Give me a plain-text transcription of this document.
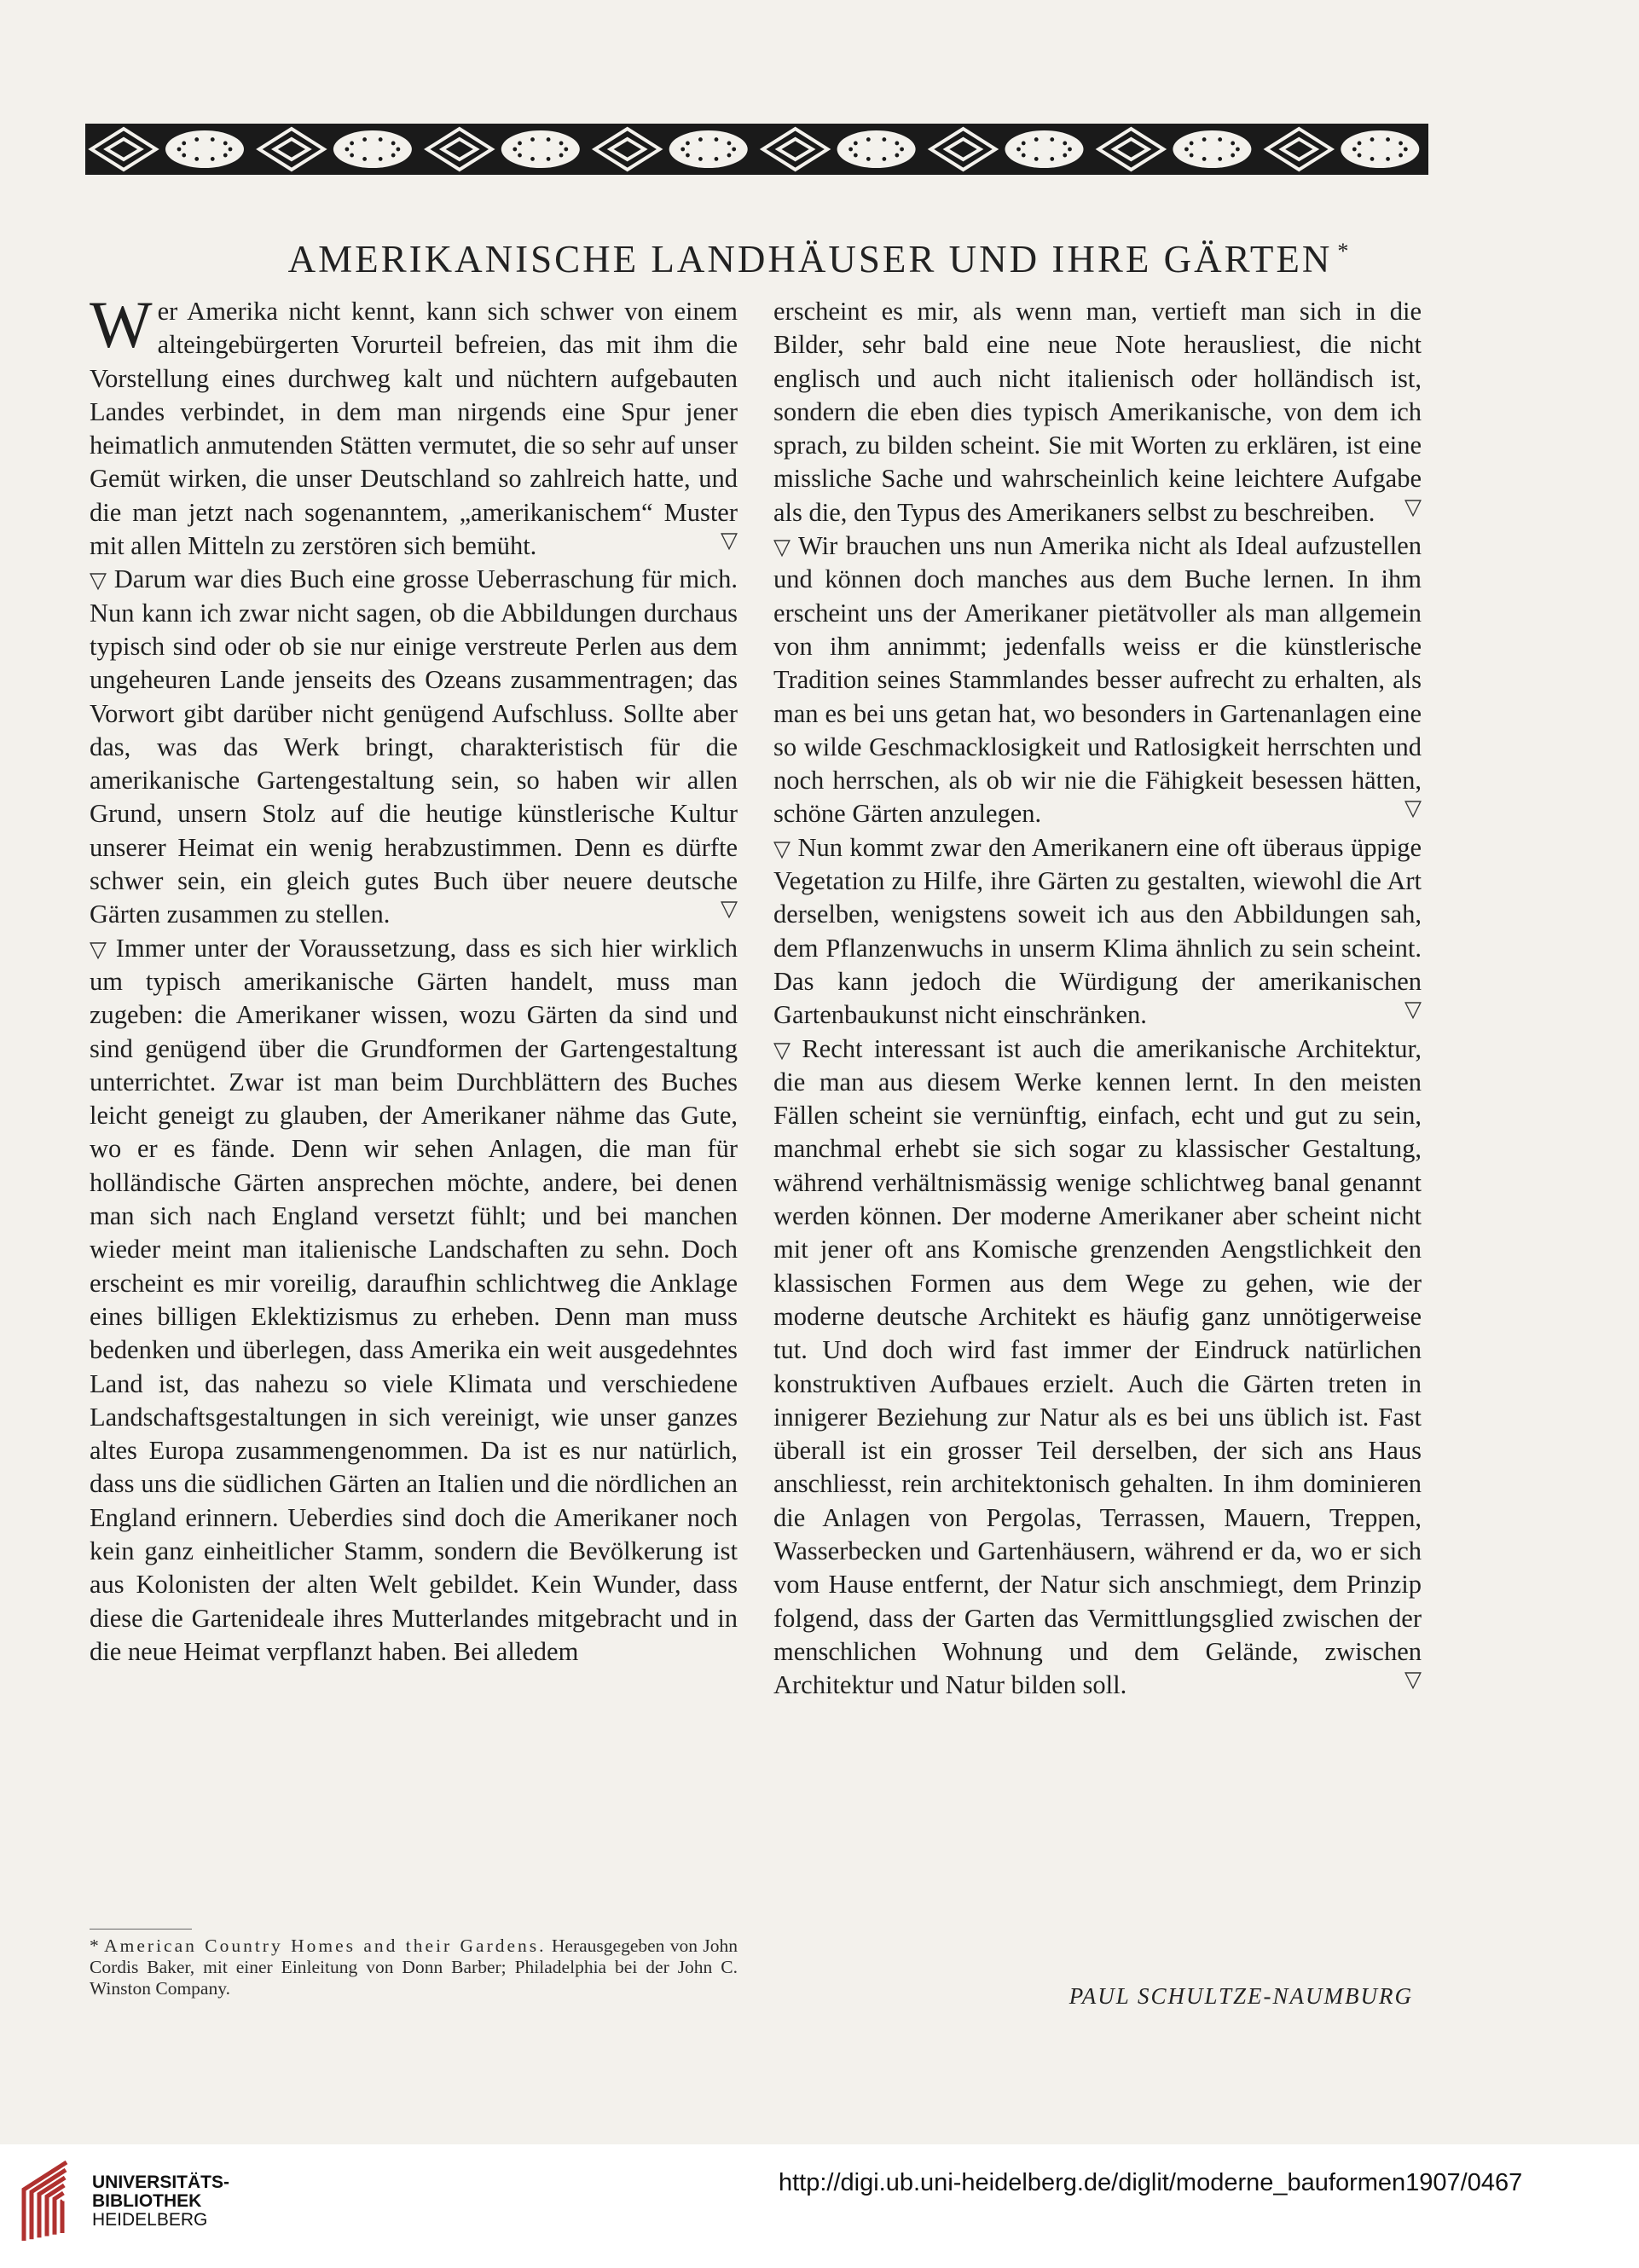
AMERIKANISCHE LANDHÄUSER UND IHRE GÄRTEN *

Wer Amerika nicht kennt, kann sich schwer von einem alteingebürgerten Vorurteil befreien, das mit ihm die Vorstellung eines durchweg kalt und nüchtern aufgebauten Landes verbindet, in dem man nirgends eine Spur jener heimatlich anmutenden Stätten vermutet, die so sehr auf unser Gemüt wirken, die unser Deutschland so zahlreich hatte, und die man jetzt nach sogenanntem, „amerikanischem“ Muster mit allen Mitteln zu zerstören sich bemüht.	▽

▽ Darum war dies Buch eine grosse Ueberraschung für mich. Nun kann ich zwar nicht sagen, ob die Abbildungen durchaus typisch sind oder ob sie nur einige verstreute Perlen aus dem ungeheuren Lande jenseits des Ozeans zusammentragen; das Vorwort gibt darüber nicht genügend Aufschluss. Sollte aber das, was das Werk bringt, charakteristisch für die amerikanische Gartengestaltung sein, so haben wir allen Grund, unsern Stolz auf die heutige künstlerische Kultur unserer Heimat ein wenig herabzustimmen. Denn es dürfte schwer sein, ein gleich gutes Buch über neuere deutsche Gärten zusammen zu stellen.	▽

▽ Immer unter der Voraussetzung, dass es sich hier wirklich um typisch amerikanische Gärten handelt, muss man zugeben: die Amerikaner wissen, wozu Gärten da sind und sind genügend über die Grundformen der Gartengestaltung unterrichtet. Zwar ist man beim Durchblättern des Buches leicht geneigt zu glauben, der Amerikaner nähme das Gute, wo er es fände. Denn wir sehen Anlagen, die man für holländische Gärten ansprechen möchte, andere, bei denen man sich nach England versetzt fühlt; und bei manchen wieder meint man italienische Landschaften zu sehn. Doch erscheint es mir voreilig, daraufhin schlichtweg die Anklage eines billigen Eklektizismus zu erheben. Denn man muss bedenken und überlegen, dass Amerika ein weit ausgedehntes Land ist, das nahezu so viele Klimata und verschiedene Landschaftsgestaltungen in sich vereinigt, wie unser ganzes altes Europa zusammengenommen. Da ist es nur natürlich, dass uns die südlichen Gärten an Italien und die nördlichen an England erinnern. Ueberdies sind doch die Amerikaner noch kein ganz einheitlicher Stamm, sondern die Bevölkerung ist aus Kolonisten der alten Welt gebildet. Kein Wunder, dass diese die Gartenideale ihres Mutterlandes mitgebracht und in die neue Heimat verpflanzt haben. Bei alledem

* American Country Homes and their Gardens. Herausgegeben von John Cordis Baker, mit einer Einleitung von Donn Barber; Philadelphia bei der John C. Winston Company.

erscheint es mir, als wenn man, vertieft man sich in die Bilder, sehr bald eine neue Note herausliest, die nicht englisch und auch nicht italienisch oder holländisch ist, sondern die eben dies typisch Amerikanische, von dem ich sprach, zu bilden scheint. Sie mit Worten zu erklären, ist eine missliche Sache und wahrscheinlich keine leichtere Aufgabe als die, den Typus des Amerikaners selbst zu beschreiben. ▽

▽ Wir brauchen uns nun Amerika nicht als Ideal aufzustellen und können doch manches aus dem Buche lernen. In ihm erscheint uns der Amerikaner pietätvoller als man allgemein von ihm annimmt; jedenfalls weiss er die künstlerische Tradition seines Stammlandes besser aufrecht zu erhalten, als man es bei uns getan hat, wo besonders in Gartenanlagen eine so wilde Geschmacklosigkeit und Ratlosigkeit herrschten und noch herrschen, als ob wir nie die Fähigkeit besessen hätten, schöne Gärten anzulegen.	▽

▽ Nun kommt zwar den Amerikanern eine oft überaus üppige Vegetation zu Hilfe, ihre Gärten zu gestalten, wiewohl die Art derselben, wenigstens soweit ich aus den Abbildungen sah, dem Pflanzenwuchs in unserm Klima ähnlich zu sein scheint. Das kann jedoch die Würdigung der amerikanischen Gartenbaukunst nicht einschränken.	▽

▽ Recht interessant ist auch die amerikanische Architektur, die man aus diesem Werke kennen lernt. In den meisten Fällen scheint sie vernünftig, einfach, echt und gut zu sein, manchmal erhebt sie sich sogar zu klassischer Gestaltung, während verhältnismässig wenige schlichtweg banal genannt werden können. Der moderne Amerikaner aber scheint nicht mit jener oft ans Komische grenzenden Aengstlichkeit den klassischen Formen aus dem Wege zu gehen, wie der moderne deutsche Architekt es häufig ganz unnötigerweise tut. Und doch wird fast immer der Eindruck natürlichen konstruktiven Aufbaues erzielt. Auch die Gärten treten in innigerer Beziehung zur Natur als es bei uns üblich ist. Fast überall ist ein grosser Teil derselben, der sich ans Haus anschliesst, rein architektonisch gehalten. In ihm dominieren die Anlagen von Pergolas, Terrassen, Mauern, Treppen, Wasserbecken und Gartenhäusern, während er da, wo er sich vom Hause entfernt, der Natur sich anschmiegt, dem Prinzip folgend, dass der Garten das Vermittlungsglied zwischen der menschlichen Wohnung und dem Gelände, zwischen Architektur und Natur bilden soll.	▽

PAUL SCHULTZE-NAUMBURG
UNIVERSITÄTS-
BIBLIOTHEK
HEIDELBERG
http://digi.ub.uni-heidelberg.de/diglit/moderne_bauformen1907/0467
